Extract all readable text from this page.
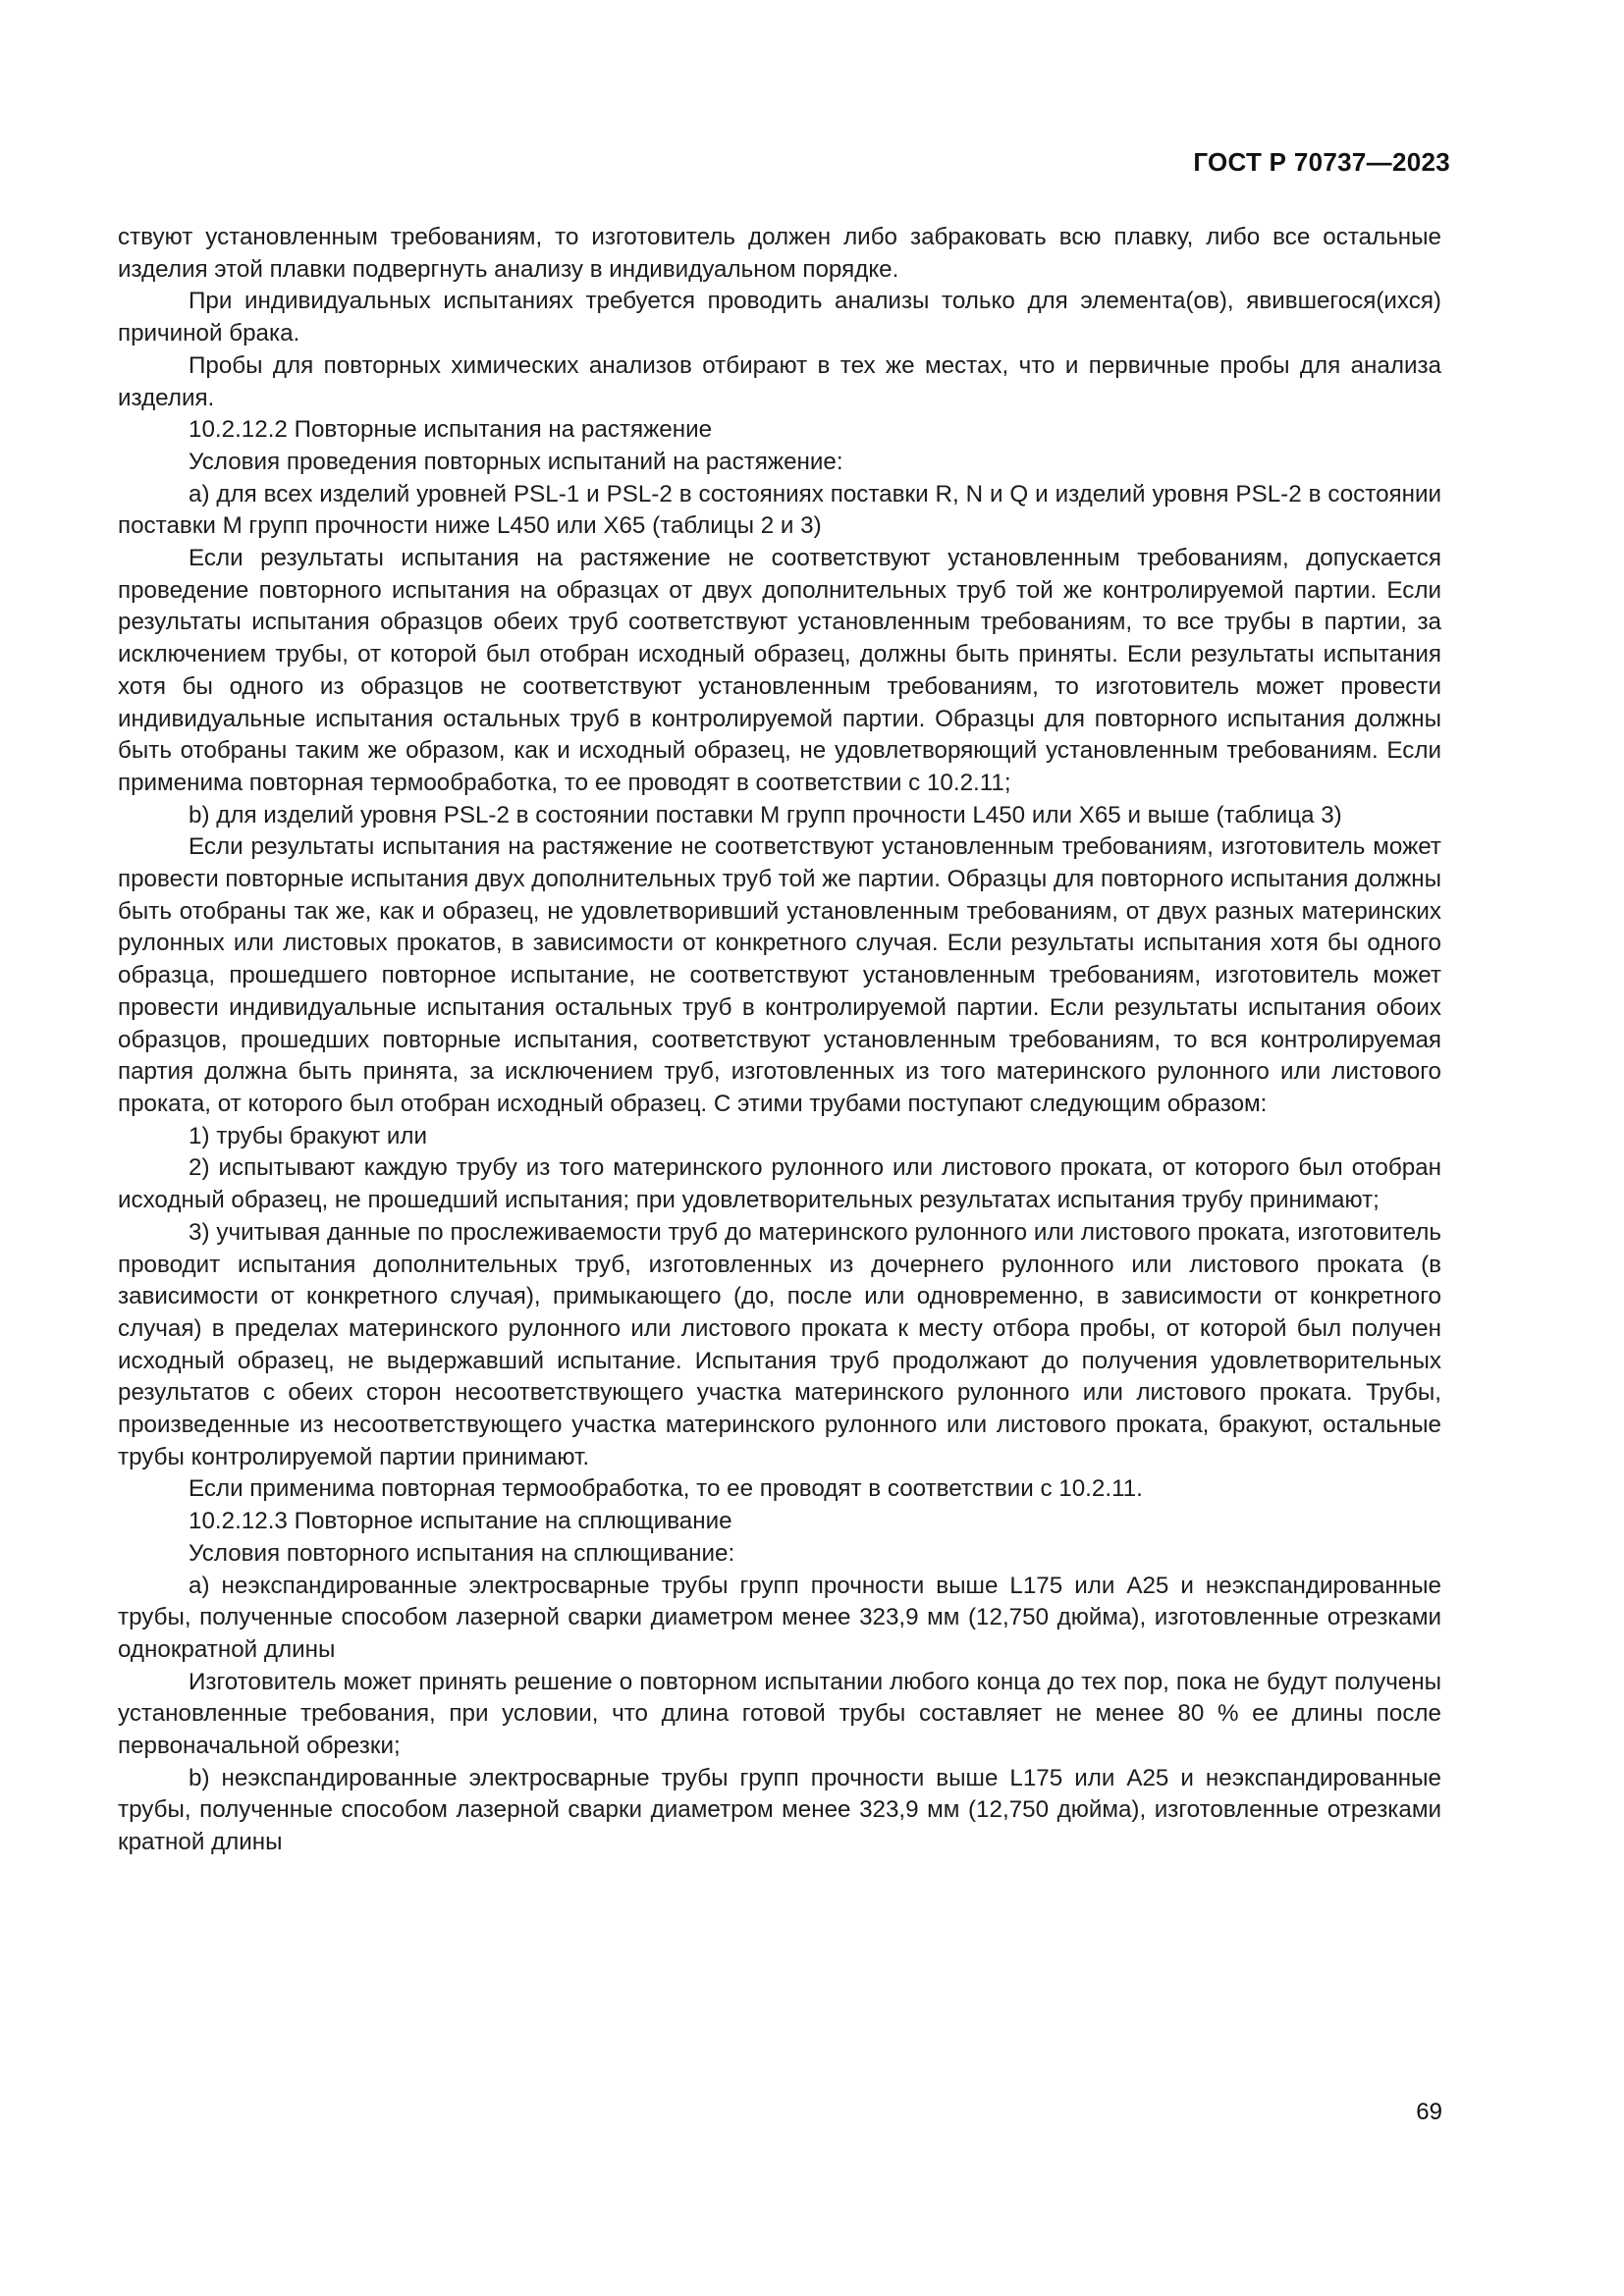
ГОСТ Р 70737—2023

ствуют установленным требованиям, то изготовитель должен либо забраковать всю плавку, либо все остальные изделия этой плавки подвергнуть анализу в индивидуальном порядке.

При индивидуальных испытаниях требуется проводить анализы только для элемента(ов), явившегося(ихся) причиной брака.

Пробы для повторных химических анализов отбирают в тех же местах, что и первичные пробы для анализа изделия.

10.2.12.2 Повторные испытания на растяжение

Условия проведения повторных испытаний на растяжение:

a) для всех изделий уровней PSL-1 и PSL-2 в состояниях поставки R, N и Q и изделий уровня PSL-2 в состоянии поставки M групп прочности ниже L450 или X65 (таблицы 2 и 3)

Если результаты испытания на растяжение не соответствуют установленным требованиям, допускается проведение повторного испытания на образцах от двух дополнительных труб той же контролируемой партии. Если результаты испытания образцов обеих труб соответствуют установленным требованиям, то все трубы в партии, за исключением трубы, от которой был отобран исходный образец, должны быть приняты. Если результаты испытания хотя бы одного из образцов не соответствуют установленным требованиям, то изготовитель может провести индивидуальные испытания остальных труб в контролируемой партии. Образцы для повторного испытания должны быть отобраны таким же образом, как и исходный образец, не удовлетворяющий установленным требованиям. Если применима повторная термообработка, то ее проводят в соответствии с 10.2.11;

b) для изделий уровня PSL-2 в состоянии поставки M групп прочности L450 или X65 и выше (таблица 3)

Если результаты испытания на растяжение не соответствуют установленным требованиям, изготовитель может провести повторные испытания двух дополнительных труб той же партии. Образцы для повторного испытания должны быть отобраны так же, как и образец, не удовлетворивший установленным требованиям, от двух разных материнских рулонных или листовых прокатов, в зависимости от конкретного случая. Если результаты испытания хотя бы одного образца, прошедшего повторное испытание, не соответствуют установленным требованиям, изготовитель может провести индивидуальные испытания остальных труб в контролируемой партии. Если результаты испытания обоих образцов, прошедших повторные испытания, соответствуют установленным требованиям, то вся контролируемая партия должна быть принята, за исключением труб, изготовленных из того материнского рулонного или листового проката, от которого был отобран исходный образец. С этими трубами поступают следующим образом:

1) трубы бракуют или

2) испытывают каждую трубу из того материнского рулонного или листового проката, от которого был отобран исходный образец, не прошедший испытания; при удовлетворительных результатах испытания трубу принимают;

3) учитывая данные по прослеживаемости труб до материнского рулонного или листового проката, изготовитель проводит испытания дополнительных труб, изготовленных из дочернего рулонного или листового проката (в зависимости от конкретного случая), примыкающего (до, после или одновременно, в зависимости от конкретного случая) в пределах материнского рулонного или листового проката к месту отбора пробы, от которой был получен исходный образец, не выдержавший испытание. Испытания труб продолжают до получения удовлетворительных результатов с обеих сторон несоответствующего участка материнского рулонного или листового проката. Трубы, произведенные из несоответствующего участка материнского рулонного или листового проката, бракуют, остальные трубы контролируемой партии принимают.

Если применима повторная термообработка, то ее проводят в соответствии с 10.2.11.

10.2.12.3 Повторное испытание на сплющивание

Условия повторного испытания на сплющивание:

a) неэкспандированные электросварные трубы групп прочности выше L175 или A25 и неэкспандированные трубы, полученные способом лазерной сварки диаметром менее 323,9 мм (12,750 дюйма), изготовленные отрезками однократной длины

Изготовитель может принять решение о повторном испытании любого конца до тех пор, пока не будут получены установленные требования, при условии, что длина готовой трубы составляет не менее 80 % ее длины после первоначальной обрезки;

b) неэкспандированные электросварные трубы групп прочности выше L175 или A25 и неэкспандированные трубы, полученные способом лазерной сварки диаметром менее 323,9 мм (12,750 дюйма), изготовленные отрезками кратной длины

69
